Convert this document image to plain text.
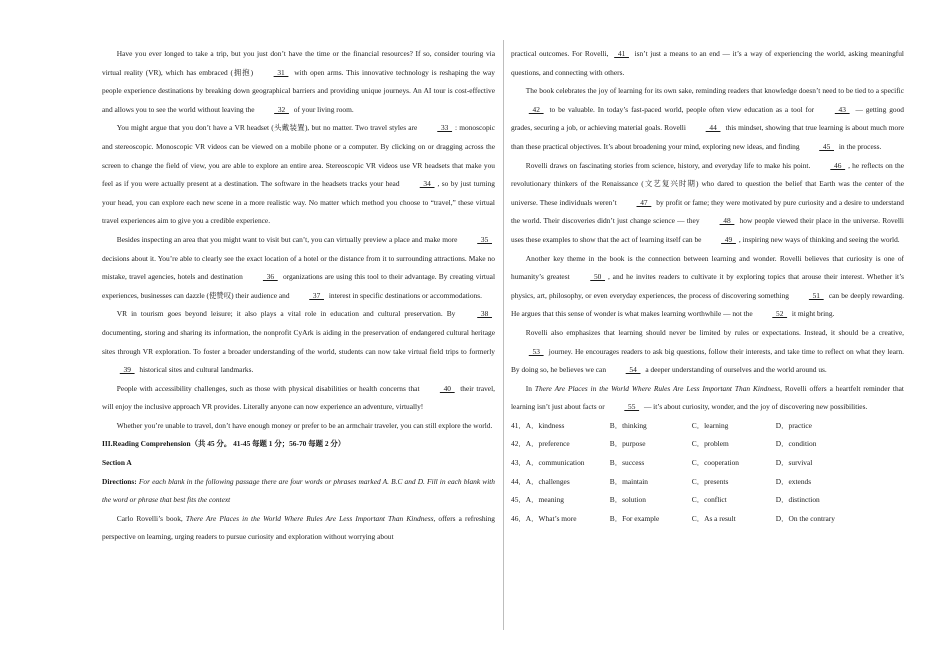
Have you ever longed to take a trip, but you just don’t have the time or the financial resources? If so, consider touring via virtual reality (VR), which has embraced (拥抱)   31   with open arms. This innovative technology is reshaping the way people experience destinations by breaking down geographical barriers and providing unique journeys. An AI tour is cost-effective and allows you to see the world without leaving the   32   of your living room.

You might argue that you don’t have a VR headset (头戴装置), but no matter. Two travel styles are   33  : monoscopic and stereoscopic. Monoscopic VR videos can be viewed on a mobile phone or a computer. By clicking on or dragging across the screen to change the field of view, you are able to explore an entire area. Stereoscopic VR videos use VR headsets that make you feel as if you were actually present at a destination. The software in the headsets tracks your head   34  , so by just turning your head, you can explore each new scene in a more realistic way. No matter which method you choose to “travel,” these virtual travel experiences aim to give you a credible experience.

Besides inspecting an area that you might want to visit but can’t, you can virtually preview a place and make more   35   decisions about it. You’re able to clearly see the exact location of a hotel or the distance from it to surrounding attractions. Make no mistake, travel agencies, hotels and destination   36   organizations are using this tool to their advantage. By creating virtual experiences, businesses can dazzle (使赞叹) their audience and   37   interest in specific destinations or accommodations.

VR in tourism goes beyond leisure; it also plays a vital role in education and cultural preservation. By   38   documenting, storing and sharing its information, the nonprofit CyArk is aiding in the preservation of endangered cultural heritage sites through VR exploration. To foster a broader understanding of the world, students can now take virtual field trips to formerly   39   historical sites and cultural landmarks.

People with accessibility challenges, such as those with physical disabilities or health concerns that   40   their travel, will enjoy the inclusive approach VR provides. Literally anyone can now experience an adventure, virtually!

Whether you’re unable to travel, don’t have enough money or prefer to be an armchair traveler, you can still explore the world.

III.Reading Comprehension（共 45 分。 41-45 每题 1 分；56-70 每题 2 分）

Section A

Directions: For each blank in the following passage there are four words or phrases marked A. B.C and D. Fill in each blank with the word or phrase that best fits the context

Carlo Rovelli’s book, There Are Places in the World Where Rules Are Less Important Than Kindness, offers a refreshing perspective on learning, urging readers to pursue curiosity and exploration without worrying about

practical outcomes. For Rovelli,   41   isn’t just a means to an end — it’s a way of experiencing the world, asking meaningful questions, and connecting with others.

The book celebrates the joy of learning for its own sake, reminding readers that knowledge doesn’t need to be tied to a specific   42   to be valuable. In today’s fast-paced world, people often view education as a tool for   43   — getting good grades, securing a job, or achieving material goals. Rovelli   44   this mindset, showing that true learning is about much more than these practical objectives. It’s about broadening your mind, exploring new ideas, and finding   45   in the process.

Rovelli draws on fascinating stories from science, history, and everyday life to make his point.   46  , he reflects on the revolutionary thinkers of the Renaissance (文艺复兴时期) who dared to question the belief that Earth was the center of the universe. These individuals weren’t   47   by profit or fame; they were motivated by pure curiosity and a desire to understand the world. Their discoveries didn’t just change science — they   48   how people viewed their place in the universe. Rovelli uses these examples to show that the act of learning itself can be   49  , inspiring new ways of thinking and seeing the world.

Another key theme in the book is the connection between learning and wonder. Rovelli believes that curiosity is one of humanity’s greatest   50  , and he invites readers to cultivate it by exploring topics that arouse their interest. Whether it’s physics, art, philosophy, or even everyday experiences, the process of discovering something   51   can be deeply rewarding. He argues that this sense of wonder is what makes learning worthwhile — not the   52   it might bring.

Rovelli also emphasizes that learning should never be limited by rules or expectations. Instead, it should be a creative,   53   journey. He encourages readers to ask big questions, follow their interests, and take time to reflect on what they learn. By doing so, he believes we can   54   a deeper understanding of ourselves and the world around us.

In There Are Places in the World Where Rules Are Less Important Than Kindness, Rovelli offers a heartfelt reminder that learning isn’t just about facts or   55   — it’s about curiosity, wonder, and the joy of discovering new possibilities.

41． A．kindness	B．thinking	C．learning	D．practice
42． A．preference	B．purpose	C．problem	D．condition
43． A．communication	B．success	C．cooperation	D．survival
44． A．challenges	B．maintain	C．presents	D．extends
45． A．meaning	B．solution	C．conflict	D．distinction
46． A．What’s more	B．For example	C．As a result	D．On the contrary
